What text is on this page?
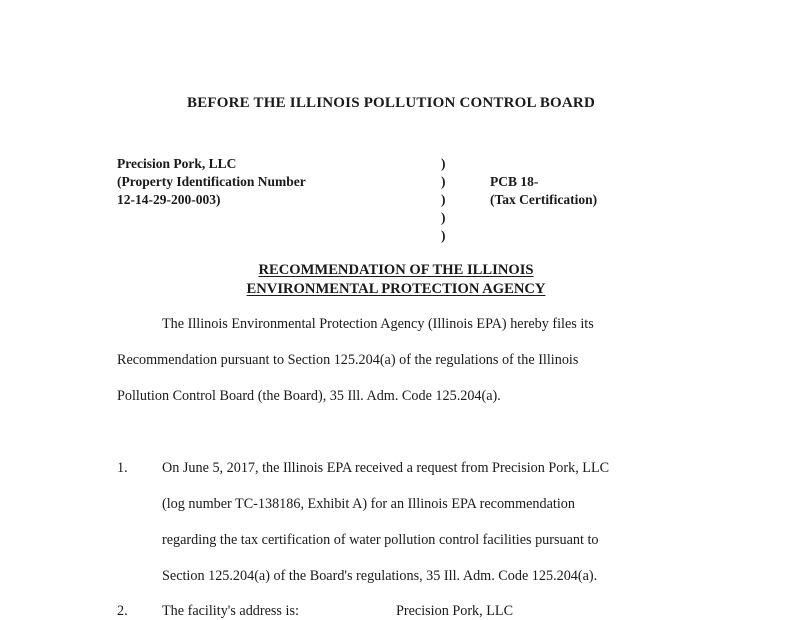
BEFORE THE ILLINOIS POLLUTION CONTROL BOARD
Precision Pork, LLC
(Property Identification Number
12-14-29-200-003)
)
)
)
)
)
PCB 18-
(Tax Certification)
RECOMMENDATION OF THE ILLINOIS
ENVIRONMENTAL PROTECTION AGENCY
The Illinois Environmental Protection Agency (Illinois EPA) hereby files its
Recommendation pursuant to Section 125.204(a) of the regulations of the Illinois
Pollution Control Board (the Board), 35 Ill. Adm. Code 125.204(a).
1. On June 5, 2017, the Illinois EPA received a request from Precision Pork, LLC
(log number TC-138186, Exhibit A) for an Illinois EPA recommendation
regarding the tax certification of water pollution control facilities pursuant to
Section 125.204(a) of the Board's regulations, 35 Ill. Adm. Code 125.204(a).
2. The facility's address is:	Precision Pork, LLC
